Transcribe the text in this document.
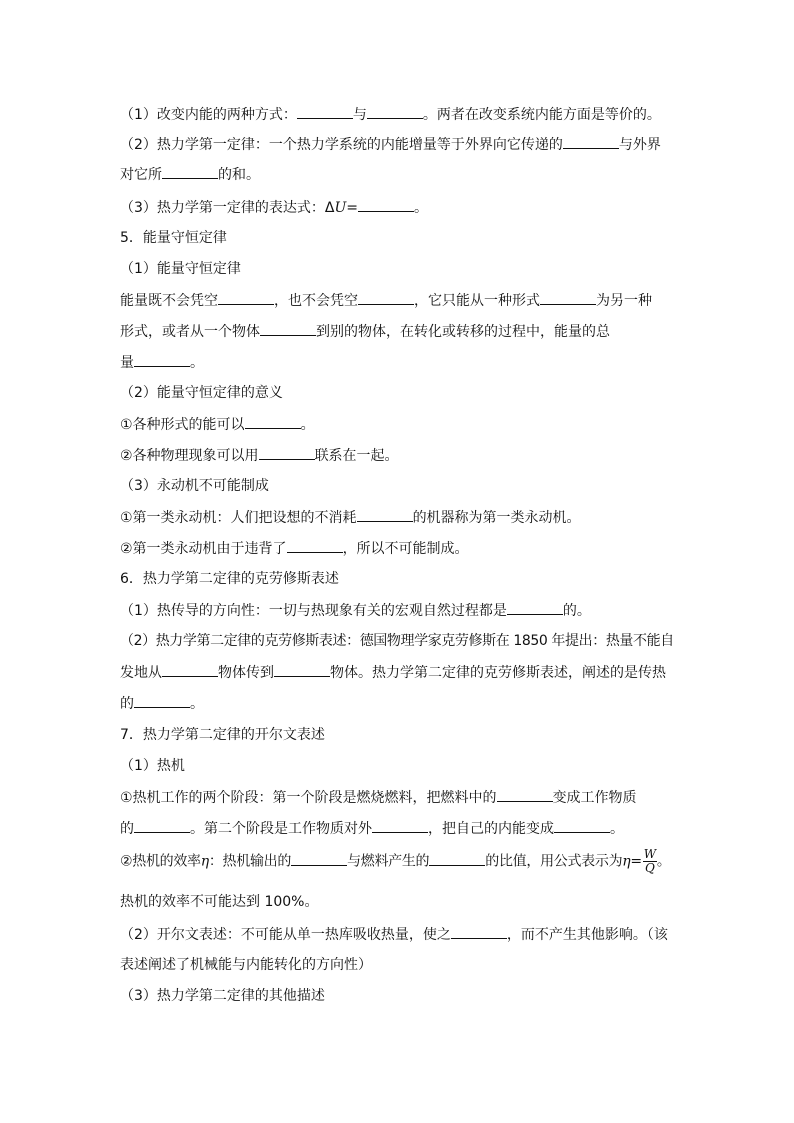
（1）改变内能的两种方式：	与	。两者在改变系统内能方面是等价的。
（2）热力学第一定律：一个热力学系统的内能增量等于外界向它传递的	与外界
对它所	的和。
（3）热力学第一定律的表达式：ΔU=	。
5．能量守恒定律
（1）能量守恒定律
能量既不会凭空	，也不会凭空	，它只能从一种形式	为另一种
形式，或者从一个物体	到别的物体，在转化或转移的过程中，能量的总
量	。
（2）能量守恒定律的意义
①各种形式的能可以	。
②各种物理现象可以用	联系在一起。
（3）永动机不可能制成
①第一类永动机：人们把设想的不消耗	的机器称为第一类永动机。
②第一类永动机由于违背了	，所以不可能制成。
6．热力学第二定律的克劳修斯表述
（1）热传导的方向性：一切与热现象有关的宏观自然过程都是	的。
（2）热力学第二定律的克劳修斯表述：德国物理学家克劳修斯在 1850 年提出：热量不能自
发地从	物体传到	物体。热力学第二定律的克劳修斯表述，阐述的是传热
的	。
7．热力学第二定律的开尔文表述
（1）热机
①热机工作的两个阶段：第一个阶段是燃烧燃料，把燃料中的	变成工作物质
的	。第二个阶段是工作物质对外	，把自己的内能变成	。
②热机的效率η：热机输出的	与燃料产生的	的比值，用公式表示为$\eta= \frac{W}{Q}$ 。
热机的效率不可能达到 100%。
（2）开尔文表述：不可能从单一热库吸收热量，使之	，而不产生其他影响。（该
表述阐述了机械能与内能转化的方向性）
（3）热力学第二定律的其他描述
